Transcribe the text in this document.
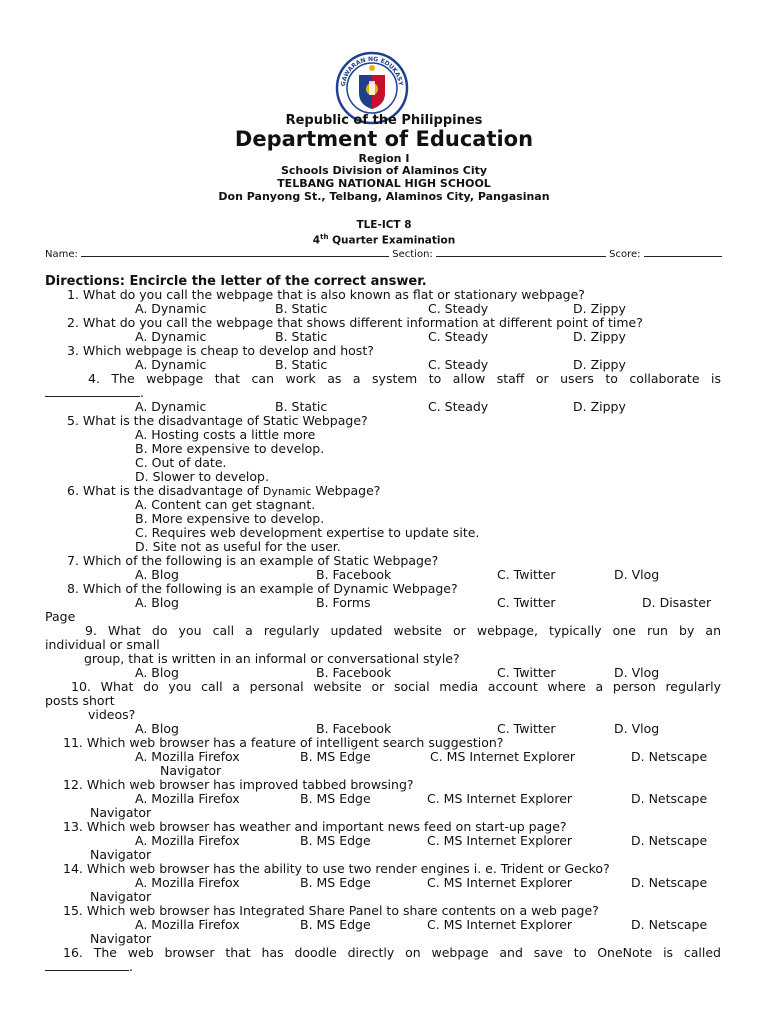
GAWARAN NG EDUKASY
Republic of the Philippines
Department of Education
Region I
Schools Division of Alaminos City
TELBANG NATIONAL HIGH SCHOOL
Don Panyong St., Telbang, Alaminos City, Pangasinan
TLE-ICT 8
4th Quarter Examination
Name:	Section:	Score:
Directions: Encircle the letter of the correct answer.
1. What do you call the webpage that is also known as flat or stationary webpage?
A. Dynamic	B. Static	C. Steady	D. Zippy
2. What do you call the webpage that shows different information at different point of time?
A. Dynamic	B. Static	C. Steady	D. Zippy
3. Which webpage is cheap to develop and host?
A. Dynamic	B. Static	C. Steady	D. Zippy
4. The webpage that can work as a system to allow staff or users to collaborate is
.
A. Dynamic	B. Static	C. Steady	D. Zippy
5. What is the disadvantage of Static Webpage?
A. Hosting costs a little more
B. More expensive to develop.
C. Out of date.
D. Slower to develop.
6. What is the disadvantage of Dynamic Webpage?
A. Content can get stagnant.
B. More expensive to develop.
C. Requires web development expertise to update site.
D. Site not as useful for the user.
7. Which of the following is an example of Static Webpage?
A. Blog	B. Facebook	C. Twitter	D. Vlog
8. Which of the following is an example of Dynamic Webpage?
A. Blog	B. Forms	C. Twitter	D. Disaster
Page
9. What do you call a regularly updated website or webpage, typically one run by an
individual or small
group, that is written in an informal or conversational style?
A. Blog	B. Facebook	C. Twitter	D. Vlog
10. What do you call a personal website or social media account where a person regularly
posts short
videos?
A. Blog	B. Facebook	C. Twitter	D. Vlog
11. Which web browser has a feature of intelligent search suggestion?
A. Mozilla Firefox	B. MS Edge	C. MS Internet Explorer	D. Netscape
Navigator
12. Which web browser has improved tabbed browsing?
A. Mozilla Firefox	B. MS Edge	C. MS Internet Explorer	D. Netscape
Navigator
13. Which web browser has weather and important news feed on start-up page?
A. Mozilla Firefox	B. MS Edge	C. MS Internet Explorer	D. Netscape
Navigator
14. Which web browser has the ability to use two render engines i. e. Trident or Gecko?
A. Mozilla Firefox	B. MS Edge	C. MS Internet Explorer	D. Netscape
Navigator
15. Which web browser has Integrated Share Panel to share contents on a web page?
A. Mozilla Firefox	B. MS Edge	C. MS Internet Explorer	D. Netscape
Navigator
16. The web browser that has doodle directly on webpage and save to OneNote is called
.
